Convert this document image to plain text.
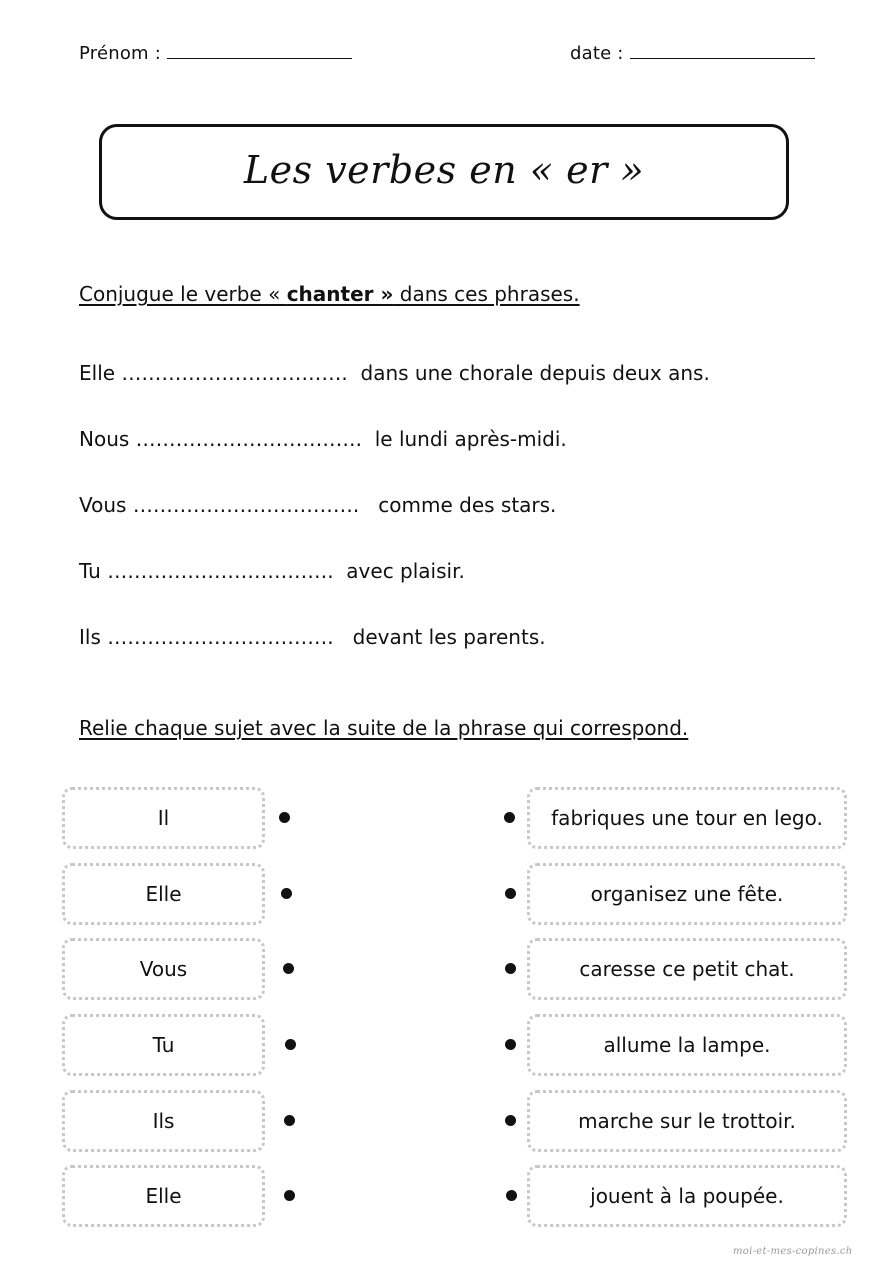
Prénom :	date :
Les verbes en « er »
Conjugue le verbe « chanter » dans ces phrases.
Elle …………………………….  dans une chorale depuis deux ans.
Nous …………………………….  le lundi après-midi.
Vous …………………………….   comme des stars.
Tu …………………………….  avec plaisir.
Ils …………………………….   devant les parents.
Relie chaque sujet avec la suite de la phrase qui correspond.
Il
Elle
Vous
Tu
Ils
Elle
fabriques une tour en lego.
organisez une fête.
caresse ce petit chat.
allume la lampe.
marche sur le trottoir.
jouent à la poupée.
moi-et-mes-copines.ch
